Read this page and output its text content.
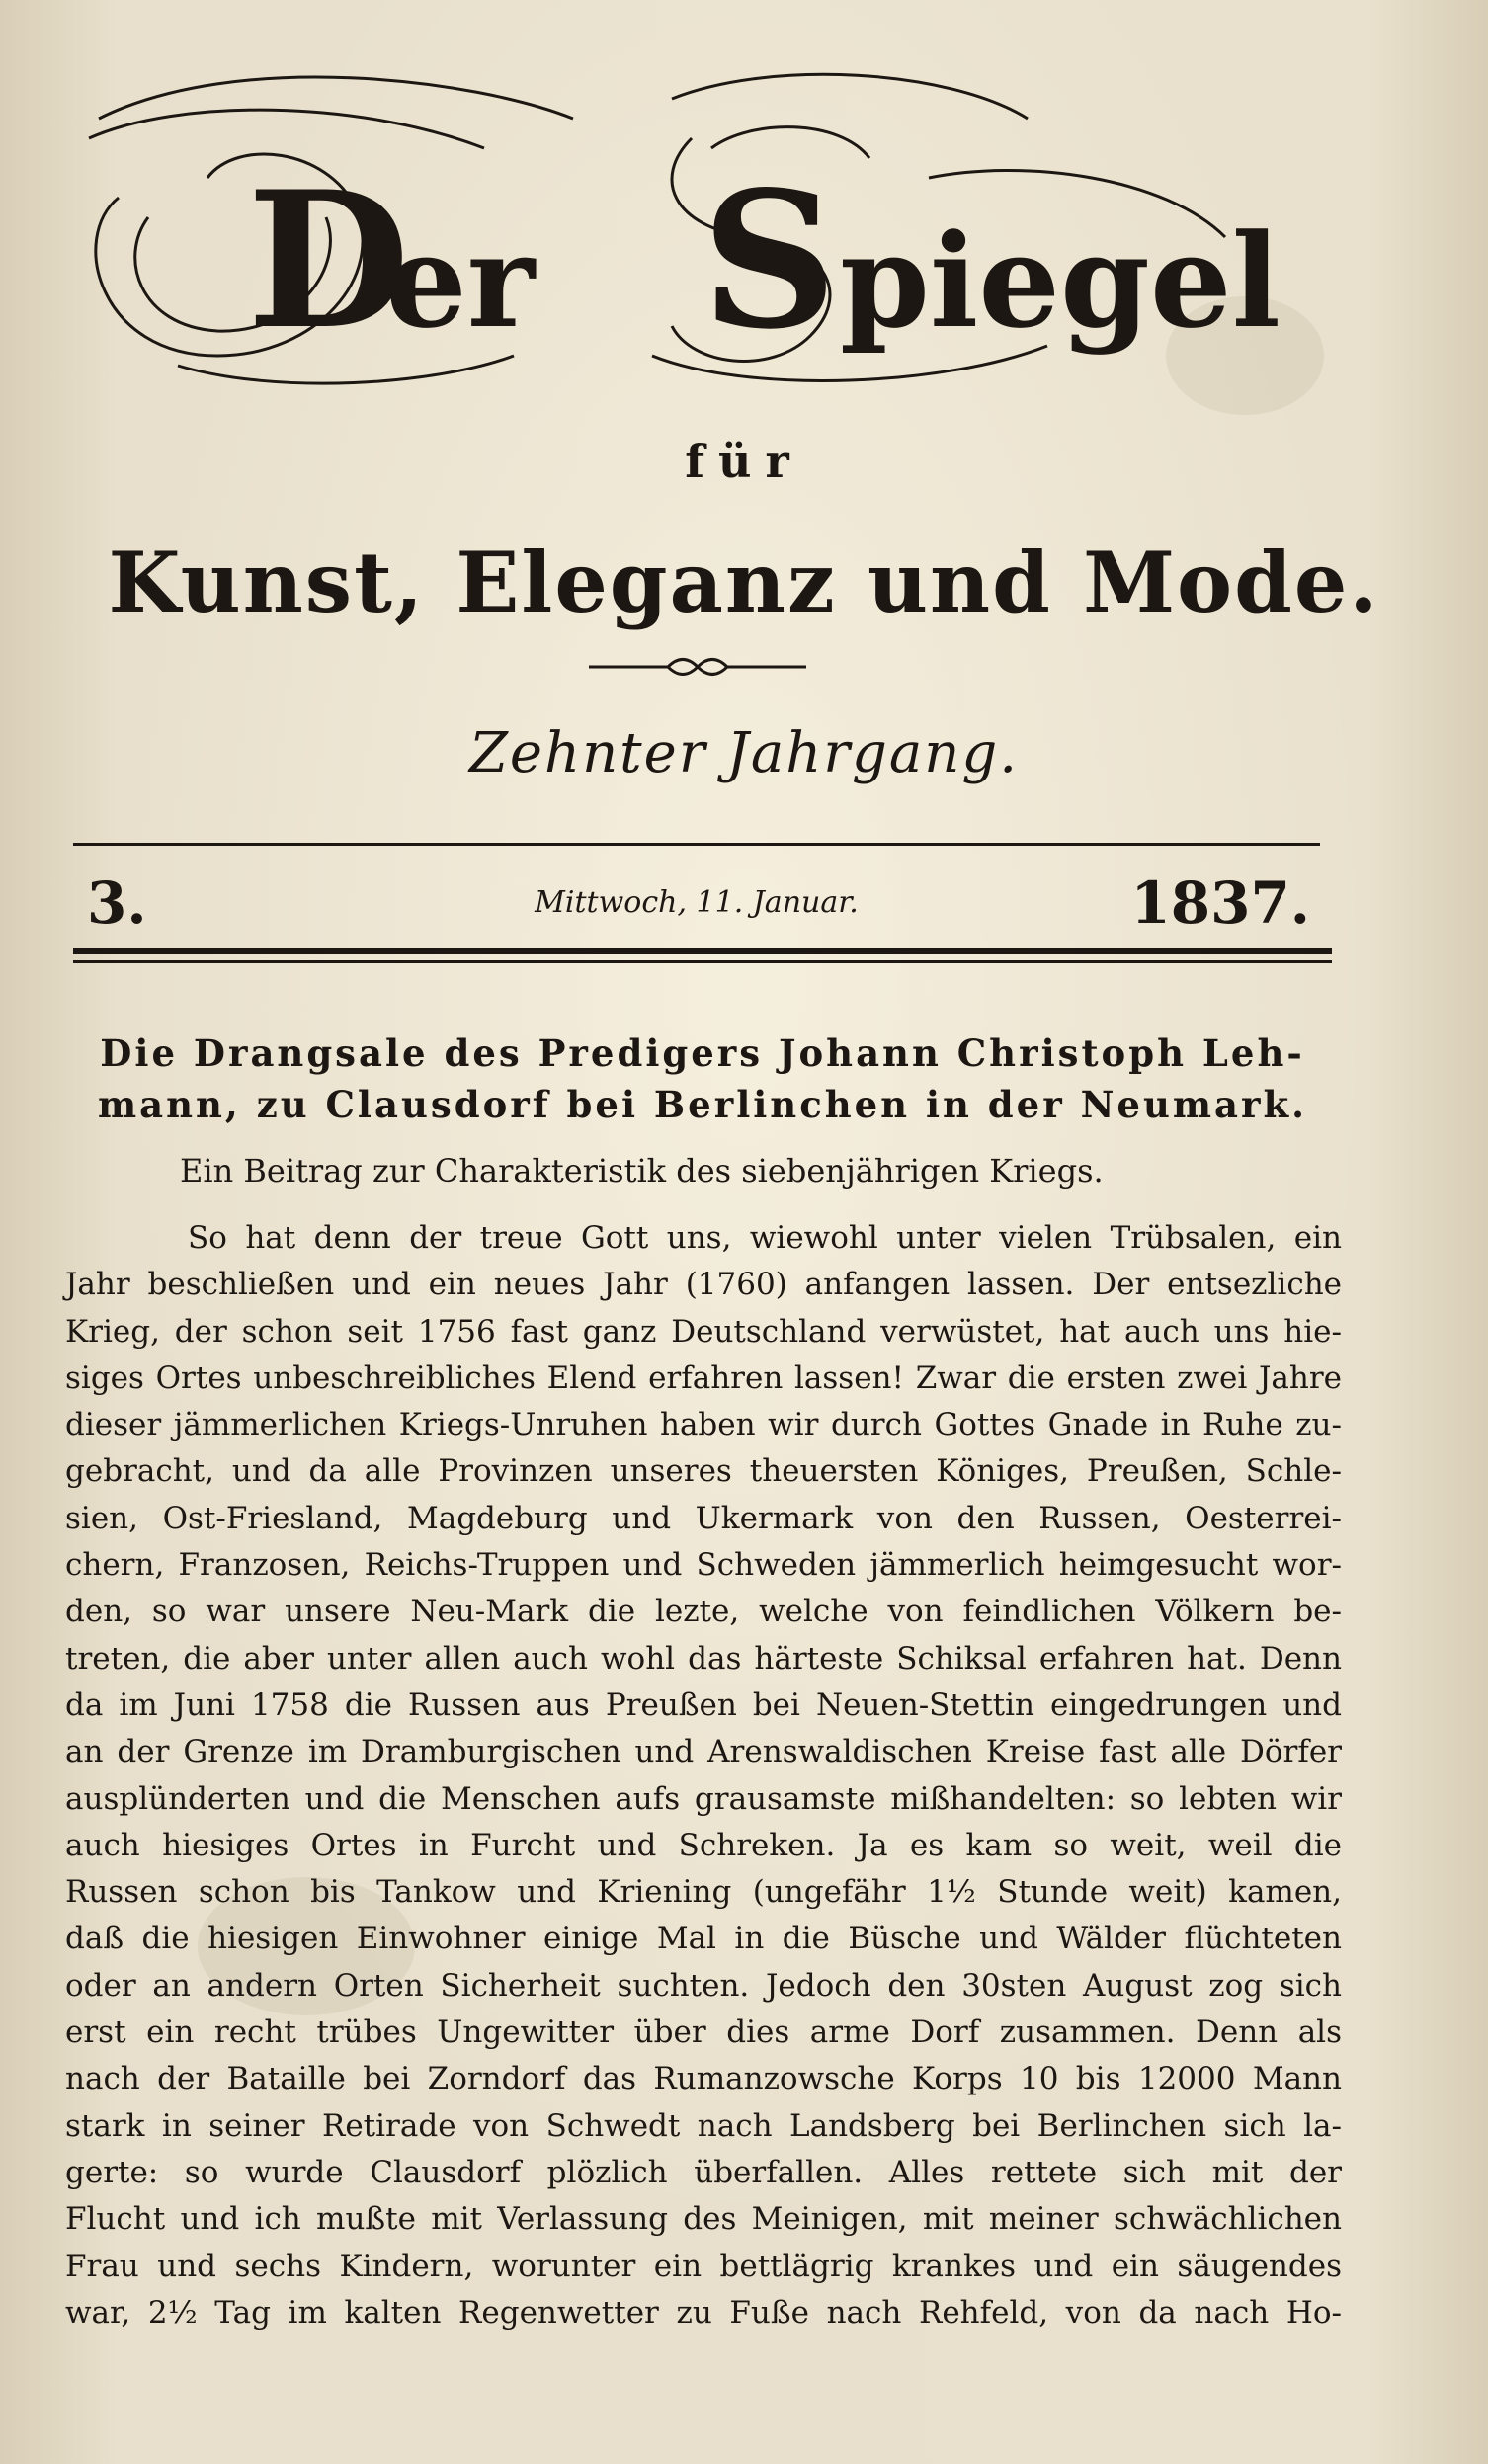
D
er S piegel
für
Kunst, Eleganz und Mode.
Zehnter Jahrgang.
3.	Mittwoch, 11. Januar.	1837.
Die Drangsale des Predigers Johann Christoph Leh-
mann, zu Clausdorf bei Berlinchen in der Neumark.
Ein Beitrag zur Charakteristik des siebenjährigen Kriegs.
So hat denn der treue Gott uns, wiewohl unter vielen Trübsalen, ein
Jahr beschließen und ein neues Jahr (1760) anfangen lassen. Der entsezliche
Krieg, der schon seit 1756 fast ganz Deutschland verwüstet, hat auch uns hie-
siges Ortes unbeschreibliches Elend erfahren lassen! Zwar die ersten zwei Jahre
dieser jämmerlichen Kriegs-Unruhen haben wir durch Gottes Gnade in Ruhe zu-
gebracht, und da alle Provinzen unseres theuersten Königes, Preußen, Schle-
sien, Ost-Friesland, Magdeburg und Ukermark von den Russen, Oesterrei-
chern, Franzosen, Reichs-Truppen und Schweden jämmerlich heimgesucht wor-
den, so war unsere Neu-Mark die lezte, welche von feindlichen Völkern be-
treten, die aber unter allen auch wohl das härteste Schiksal erfahren hat. Denn
da im Juni 1758 die Russen aus Preußen bei Neuen-Stettin eingedrungen und
an der Grenze im Dramburgischen und Arenswaldischen Kreise fast alle Dörfer
ausplünderten und die Menschen aufs grausamste mißhandelten: so lebten wir
auch hiesiges Ortes in Furcht und Schreken. Ja es kam so weit, weil die
Russen schon bis Tankow und Kriening (ungefähr 1½ Stunde weit) kamen,
daß die hiesigen Einwohner einige Mal in die Büsche und Wälder flüchteten
oder an andern Orten Sicherheit suchten. Jedoch den 30sten August zog sich
erst ein recht trübes Ungewitter über dies arme Dorf zusammen. Denn als
nach der Bataille bei Zorndorf das Rumanzowsche Korps 10 bis 12000 Mann
stark in seiner Retirade von Schwedt nach Landsberg bei Berlinchen sich la-
gerte: so wurde Clausdorf plözlich überfallen. Alles rettete sich mit der
Flucht und ich mußte mit Verlassung des Meinigen, mit meiner schwächlichen
Frau und sechs Kindern, worunter ein bettlägrig krankes und ein säugendes
war, 2½ Tag im kalten Regenwetter zu Fuße nach Rehfeld, von da nach Ho-
